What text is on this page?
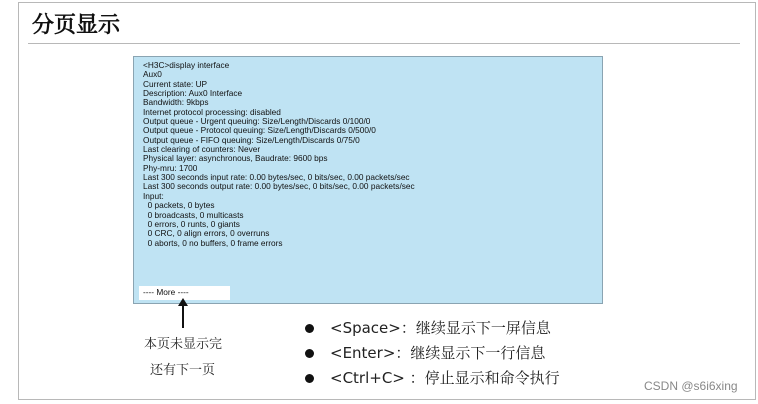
分页显示
<H3C>display interface
Aux0
Current state: UP
Description: Aux0 Interface
Bandwidth: 9kbps
Internet protocol processing: disabled
Output queue - Urgent queuing: Size/Length/Discards 0/100/0
Output queue - Protocol queuing: Size/Length/Discards 0/500/0
Output queue - FIFO queuing: Size/Length/Discards 0/75/0
Last clearing of counters: Never
Physical layer: asynchronous, Baudrate: 9600 bps
Phy-mru: 1700
Last 300 seconds input rate: 0.00 bytes/sec, 0 bits/sec, 0.00 packets/sec
Last 300 seconds output rate: 0.00 bytes/sec, 0 bits/sec, 0.00 packets/sec
Input:
0 packets, 0 bytes
0 broadcasts, 0 multicasts
0 errors, 0 runts, 0 giants
0 CRC, 0 align errors, 0 overruns
0 aborts, 0 no buffers, 0 frame errors
---- More ----
本页未显示完
还有下一页
<Space>：继续显示下一屏信息
<Enter>：继续显示下一行信息
<Ctrl+C> ：停止显示和命令执行	CSDN @s6i6xing
